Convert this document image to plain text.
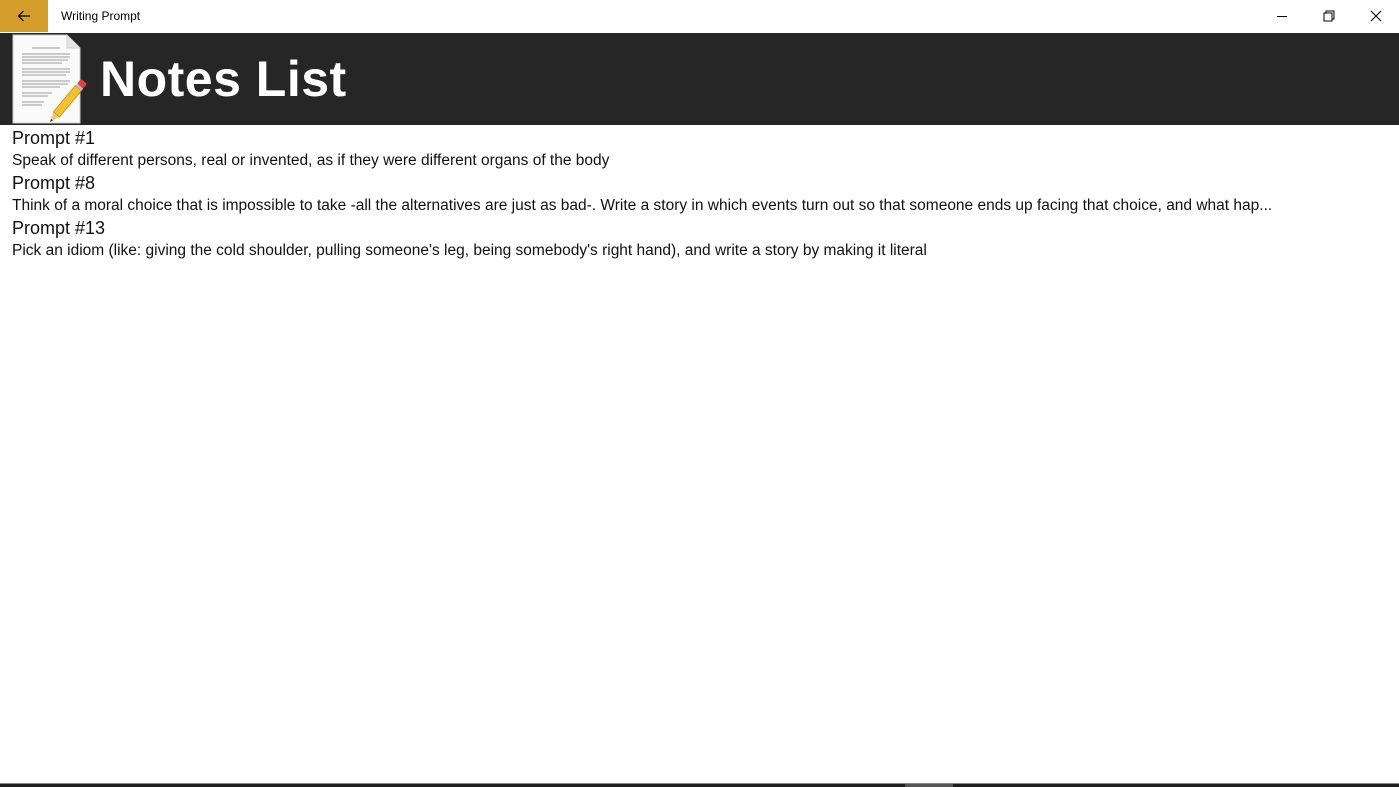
Writing Prompt
Notes List
Prompt #1
Speak of different persons, real or invented, as if they were different organs of the body
Prompt #8
Think of a moral choice that is impossible to take -all the alternatives are just as bad-. Write a story in which events turn out so that someone ends up facing that choice, and what hap...
Prompt #13
Pick an idiom (like: giving the cold shoulder, pulling someone's leg, being somebody's right hand), and write a story by making it literal
